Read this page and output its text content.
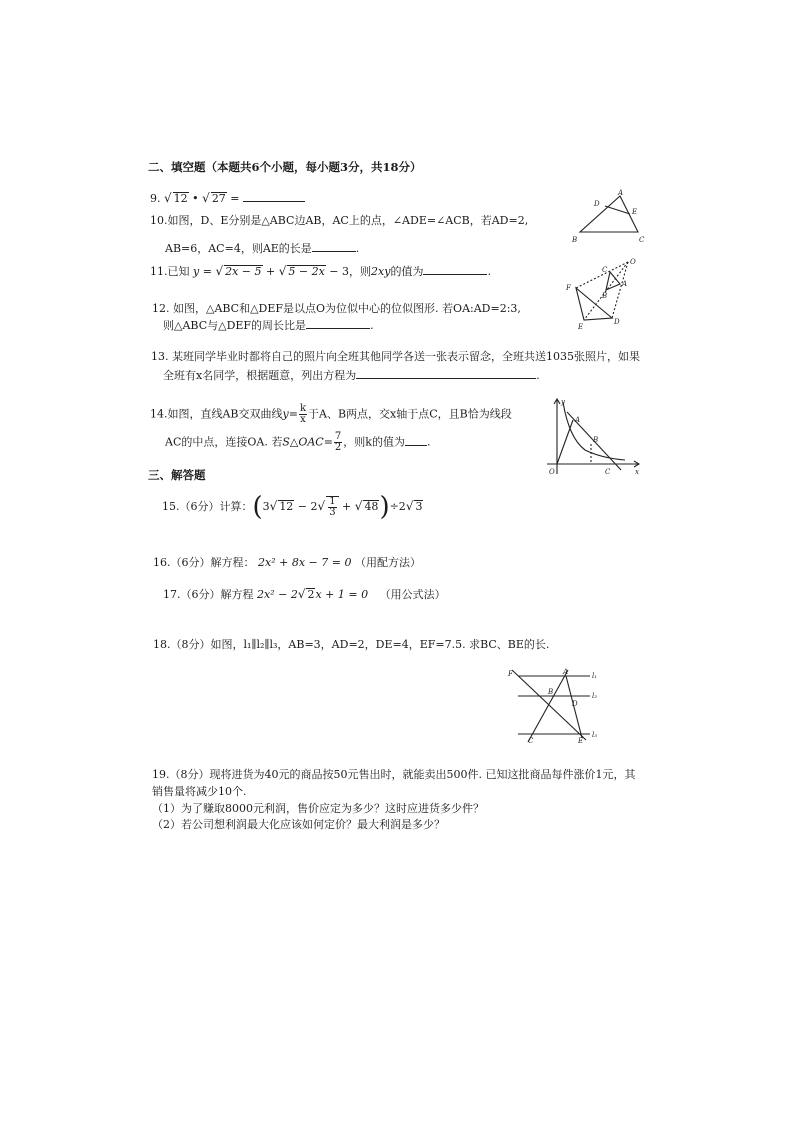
二、填空题（本题共6个小题，每小题3分，共18分）
9. √ 12 • √ 27 =
10.如图，D、E分别是△ABC边AB，AC上的点，∠ADE=∠ACB，若AD=2,
AB=6，AC=4，则AE的长是	.
A
D
E
B	C
11.已知 y = √ 2x − 5 + √ 5 − 2x − 3，则2xy的值为	.
O
C
A
B
F
E
D
12. 如图，△ABC和△DEF是以点O为位似中心的位似图形. 若OA:AD=2:3,
则△ABC与△DEF的周长比是	.
13. 某班同学毕业时都将自己的照片向全班其他同学各送一张表示留念，全班共送1035张照片，如果
全班有x名同学，根据题意，列出方程为	.
14.如图，直线AB交双曲线$y= \frac{k}{x}$ 于A、B两点，交x轴于点C，且B恰为线段
AC的中点，连接OA. 若S△OAC= $\frac{7}{2}$ ，则k的值为 .
A
B
O	C
y
x
三、解答题
15.（6分）计算：(3√ $12 - 2√ \frac{1}{3}$ + √ 48)÷2√ 3
16.（6分）解方程： 2x² + 8x − 7 = 0 （用配方法）
17.（6分）解方程 2x² − 2√ 2x + 1 = 0 （用公式法）
18.（8分）如图，l₁∥l₂∥l₃，AB=3，AD=2，DE=4，EF=7.5. 求BC、BE的长.
F	A	l₁
B	l₂
D
C	E
l₃
19.（8分）现将进货为40元的商品按50元售出时，就能卖出500件. 已知这批商品每件涨价1元，其
销售量将减少10个.
（1）为了赚取8000元利润，售价应定为多少？这时应进货多少件？
（2）若公司想利润最大化应该如何定价？最大利润是多少？
